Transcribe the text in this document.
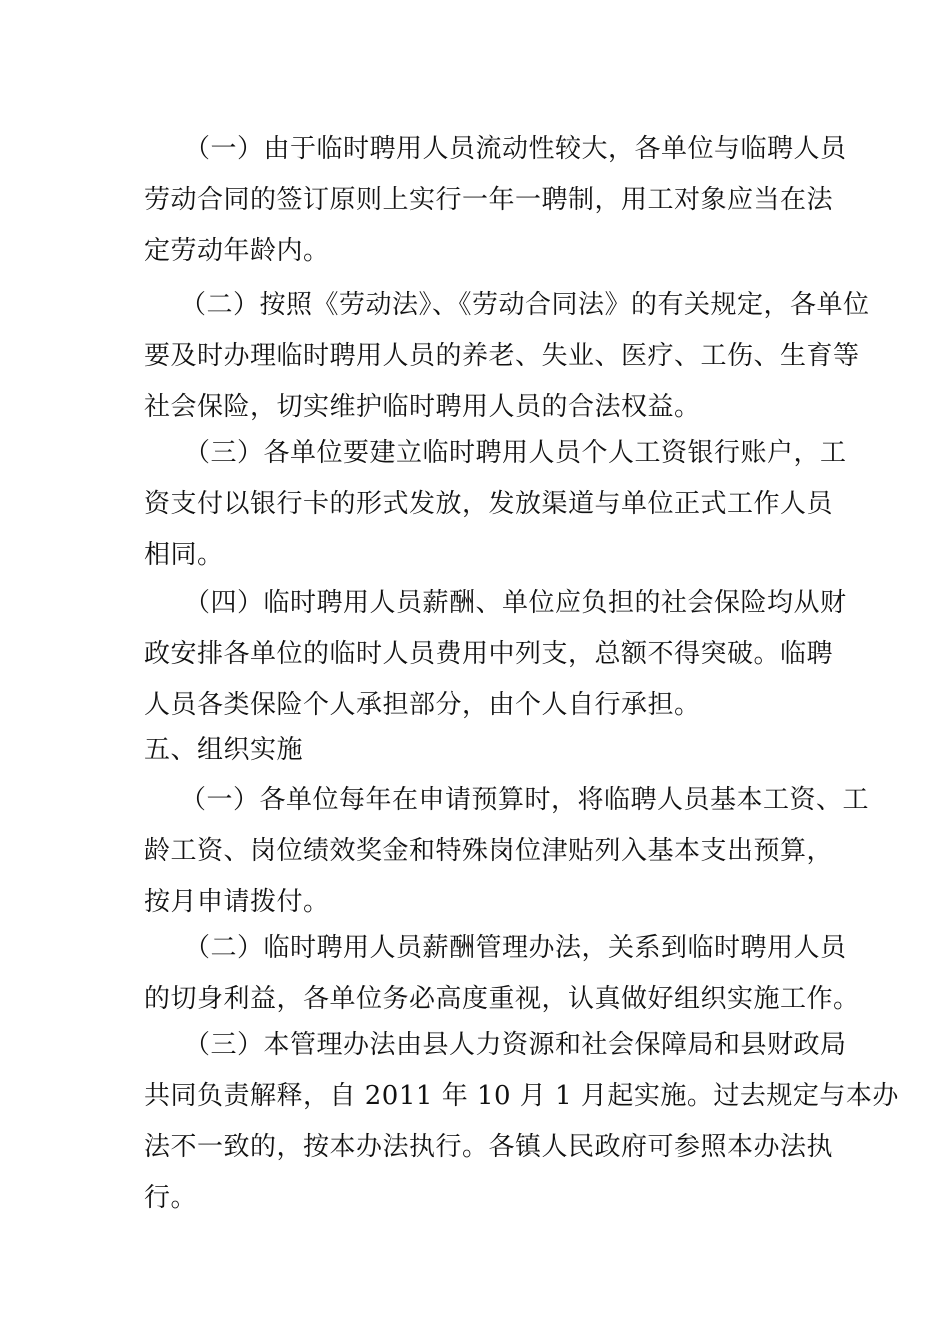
（一）由于临时聘用人员流动性较大，各单位与临聘人员
劳动合同的签订原则上实行一年一聘制，用工对象应当在法
定劳动年龄内。
（二）按照《劳动法》、《劳动合同法》的有关规定，各单位
要及时办理临时聘用人员的养老、失业、医疗、工伤、生育等
社会保险，切实维护临时聘用人员的合法权益。
（三）各单位要建立临时聘用人员个人工资银行账户，工
资支付以银行卡的形式发放，发放渠道与单位正式工作人员
相同。
（四）临时聘用人员薪酬、单位应负担的社会保险均从财
政安排各单位的临时人员费用中列支，总额不得突破。临聘
人员各类保险个人承担部分，由个人自行承担。
五、组织实施
（一）各单位每年在申请预算时，将临聘人员基本工资、工
龄工资、岗位绩效奖金和特殊岗位津贴列入基本支出预算，
按月申请拨付。
（二）临时聘用人员薪酬管理办法，关系到临时聘用人员
的切身利益，各单位务必高度重视，认真做好组织实施工作。
（三）本管理办法由县人力资源和社会保障局和县财政局
共同负责解释，自 2011 年 10 月 1 月起实施。过去规定与本办
法不一致的，按本办法执行。各镇人民政府可参照本办法执
行。
